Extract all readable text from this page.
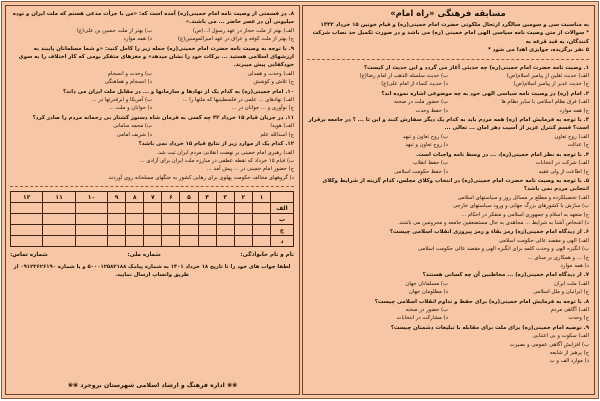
مسابقه فرهنگی «راه امام»

به مناسبت سی و سومین سالگرد ارتحال ملکوتی حضرت امام خمینی(ره) و قیام خونین ۱۵ خرداد ۱۳۴۲

* سوالات از متن وصیت نامه سیاسی الهی امام خمینی (ره) می باشد و در صورت تکمیل حد نصاب شرکت کنندگان، به قید قرعه به

۵ نفر برگزیده، جوایزی اهدا می شود *

۱. وصیت نامه حضرت امام خمینی(ره) چه حدیثی آغاز می گردد و این حدیث از کیست؟
الف) حدیث ثقلین از پیامبر اسلام(ص)
ب) حدیث سلسله الذهب از امام رضا(ع)
ج) حدیث غدیر از پیامبر اسلام(ص)
د) حدیث کساء از امام علی(ع)
۲. امام (ره) در وصیت نامه سیاسی الهی خود به چه موضوعی اشاره نموده اند؟
الف) فرق نظام اسلامی با سایر نظام ها
ب) حضور ملت در صحنه
ج) همه موارد
د) حفظ وحدت
۳. با توجه به فرمایش امام (ره) همه مردم باید به کدام یک دیگر سفارش کنند و این تا ... ؟ در جامعه برقرار است؟ قسم کنترل عزیز از آسیب دهر امان ... تعالی ...
الف) روح تعاون
ب) روح تعاون و تبهد
ج) عدالت
د) روح تعاون و تبهد
۴. با توجه به نظر امام خمینی(ره)، ... در وسط نامه واجبات است.
الف) شرکت در انتخابات
ب) حفظ انقلاب
ج) اطاعت از ولی فقیه
د) حفظ حکومت اسلامی
۵. با توجه به وصیت نامه حضرت امام خمینی(ره) در انتخاب وکلای مجلس، کدام گزینه از شرایط وکلای انتخابی مردم نمی باشد؟
الف) تحصیلکرده و مطلع بر مسائل روز و سیاستهای اسلامی
ب) سازش با کشورهای بزرگ جهانی و ورود سیاستهای خارجی
ج) متعهد به اسلام و جمهوری اسلامی و متفکر در احکام ...
د) اشخاص آشنا به شرایط ... مجاهدی به حال مستضعفین جامعه و محرومین می باشند.
۶. از دیدگاه امام خمینی(ره) رمز بقاء و رمز پیروزی انقلاب اسلامی چیست؟
الف) الهی و مقصد عالی حکومت اسلامی
ب) انگیزه الهی و وحدت کلمه برای انگیزه الهی و مقصد عالی حکومت اسلامی
ج) ... و همکاری بر مبنای ...
د) همه موارد
۷. از دیدگاه امام خمینی(ره) ... مخاطبین آن چه کسانی هستند؟
الف) ملت ایران
ب) مسلمانان جهان
ج) ایرانیان و ملل اسلامی
د) مظلومان جهان
۸. با توجه به فرمایش امام خمینی(ره) برای حفظ و تداوم انقلاب اسلامی چیست؟
الف) آگاهی مردم
ب) حضور در صحنه
ج) وحدت
د) مشارکت در انتخابات
۹. توصیه امام خمینی(ره) برای ملت برای مقابله با تبلیغات دشمنان چیست؟
الف) سکوت و بی اعتنایی
ب) افزایش آگاهی عمومی و بصیرت
ج) پرهیز از شایعه
د) موارد الف و ب
۸. در قسمتی از وصیت نامه امام خمینی(ره) آمده است که: «من با جرأت مدعی هستم که ملت ایران و توده میلیونی آن در عصر حاضر ... می باشند.»
الف) بهتر از ملت حجاز در عهد رسول ا...(ص)
ب) بهتر از ملت حسین بن علی(ع)
ج) بهتر از ملت کوفه و عراق در عهد امیرالمومنین(ع)
د) همه موارد
۹. با توجه به وصیت نامه حضرت امام خمینی(ره) جمله زیر را کامل کنید: «و شما مسلمانان پایبند به ارزشهای اسلامی هستید ... برکات خود را نشان میدهد» و مغزهای متفکر بومی که کار اختلاف را به سوی خودکفایی پیش میبرند.
الف) وحدت و همدلی
ب) وحدت و انسجام
ج) تلاش و کوشش
د) انسجام و هماهنگی
۱۰. امام خمینی(ره) به کدام یک از نهادها و سازمانها و ... در مقابل ملت ایران می داند؟
الف) نهادهای ... علمی در فلسطینیها که ملتها را ...
ب) آمریکا و ابرقدرتها در ...
ج) نوآوری و ... جوانان در ...
د) جوانان و ملت ...
۱۱. در جریان قیام ۱۵ خرداد ۴۲ چه کسی به فرمان شاه دستور کشتار بی رحمانه مردم را صادر کرد؟
الف) هویدا
ب) محمد سامانی
ج) اسدالله علم
د) شریف امامی
۱۲. کدام یک از موارد زیر از نتایج قیام ۱۵ خرداد نمی باشد؟
الف) رهبری امام خمینی بر نهضت انقلابی مردم ایران ثبت شد.
ب) قیام ۱۵ خرداد که نقطه عطفی در مبارزه ملت ایران برای آزادی ...
ج) حضور امام خمینی در ... پیش آمد ...
د) گروههای مخالف حکومت پهلوی برای رهایی کشور به جنگهای مسلحانه روی آوردند.
	۱	۲	۳	۴	۵	۶	۷	۸	۹	۱۰	۱۱	۱۲
الف												
ب												
ج												
د												
نام و نام خانوادگی:
شماره ملی:
شماره تماس:
لطفا جواب های خود را تا تاریخ ۱۸ خرداد ۱۴۰۱ به شماره پیامک ۵۰۰۰۱۲۵۸۲۱۸۸ و یا شماره ۰۹۱۲۳۶۲۶۱۹۰ از طریق واتساپ ارسال نمایید.
❀❀ اداره فرهنگ و ارشاد اسلامی شهرستان بروجرد ❀❀
